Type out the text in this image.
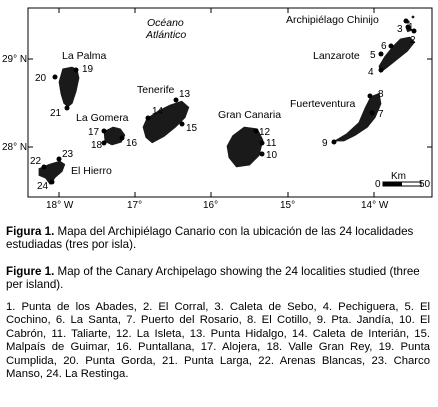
29° N
28° N
18° W	17°	16°	15°	14° W
Océano
Atlántico
1
2
3
4
5
6
7
8
9
10
11
12
13
14
15
16
17
18
19
20
21
22
23
24
La Palma
La Gomera
El Hierro
Tenerife
Gran Canaria
Fuerteventura
Lanzarote
Archipiélago Chinijo
0
Km
50
Figura 1. Mapa del Archipiélago Canario con la ubicación de las 24 localidades estudiadas (tres por isla).
Figure 1. Map of the Canary Archipelago showing the 24 localities studied (three per island).
1. Punta de los Abades, 2. El Corral, 3. Caleta de Sebo, 4. Pechiguera, 5. El Cochino, 6. La Santa, 7. Puerto del Rosario, 8. El Cotillo, 9. Pta. Jandía, 10. El Cabrón, 11. Taliarte, 12. La Isleta, 13. Punta Hidalgo, 14. Caleta de Interián, 15. Malpaís de Guimar, 16. Puntallana, 17. Alojera, 18. Valle Gran Rey, 19. Punta Cumplida, 20. Punta Gorda, 21. Punta Larga, 22. Arenas Blancas, 23. Charco Manso, 24. La Restinga.
